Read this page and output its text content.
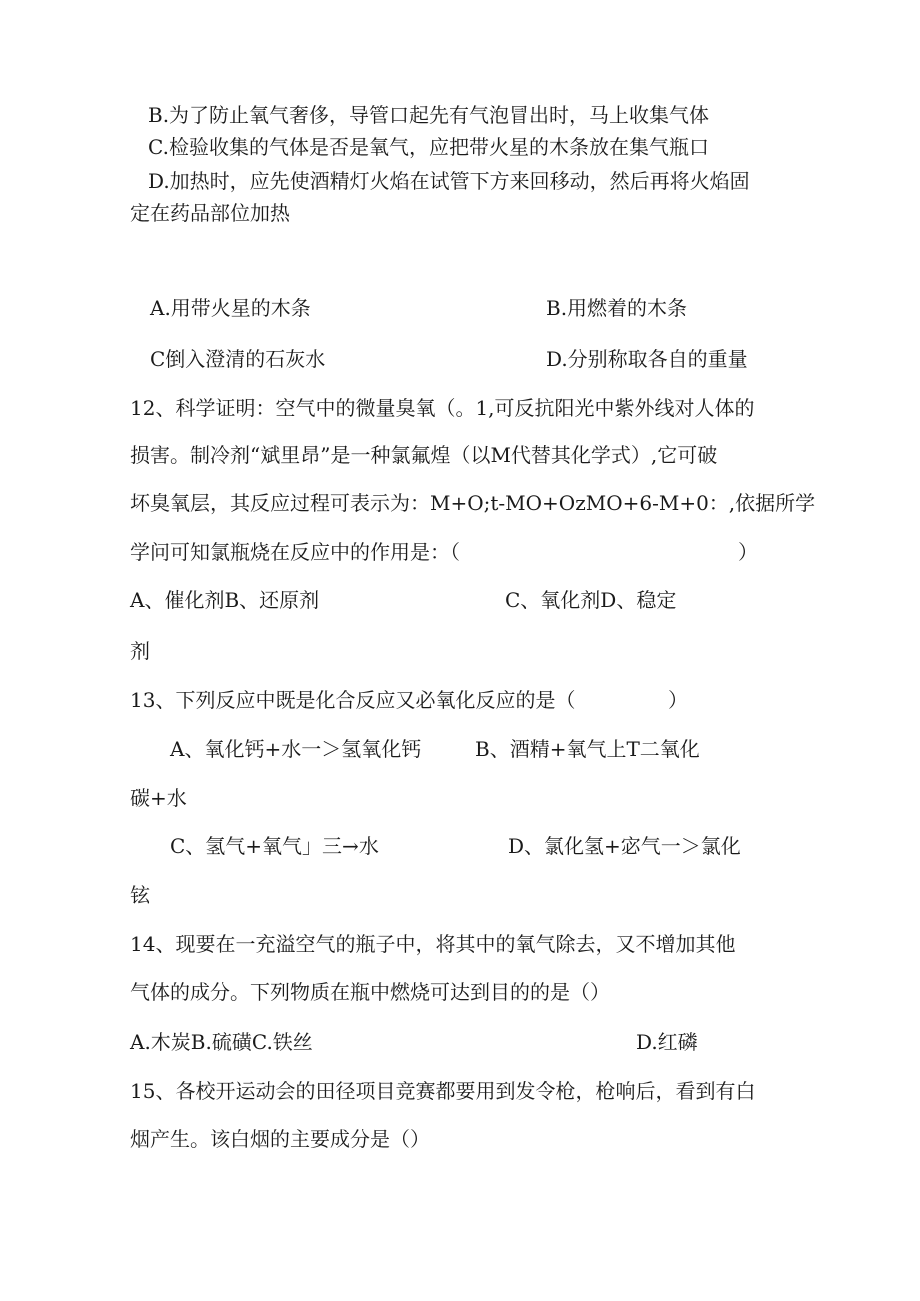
B.为了防止氧气奢侈，导管口起先有气泡冒出时，马上收集气体
C.检验收集的气体是否是氧气，应把带火星的木条放在集气瓶口
D.加热时，应先使酒精灯火焰在试管下方来回移动，然后再将火焰固
定在药品部位加热
A.用带火星的木条	B.用燃着的木条
C倒入澄清的石灰水	D.分别称取各自的重量
12、科学证明：空气中的微量臭氧（。1,可反抗阳光中紫外线对人体的
损害。制冷剂“斌里昂”是一种氯氟煌（以M代替其化学式）,它可破
坏臭氧层，其反应过程可表示为：M+O;t-MO+OzMO+6-M+0：,依据所学
学问可知氯瓶烧在反应中的作用是：（	）
A、催化剂B、还原剂	C、氧化剂D、稳定
剂
13、下列反应中既是化合反应又必氧化反应的是（	）
A、氧化钙+水一＞氢氧化钙	B、酒精+氧气上T二氧化
碳+水
C、氢气+氧气」三→水	D、氯化氢+宓气一＞氯化
铉
14、现要在一充溢空气的瓶子中，将其中的氧气除去，又不增加其他
气体的成分。下列物质在瓶中燃烧可达到目的的是（）
A.木炭B.硫磺C.铁丝	D.红磷
15、各校开运动会的田径项目竞赛都要用到发令枪，枪响后，看到有白
烟产生。该白烟的主要成分是（）
